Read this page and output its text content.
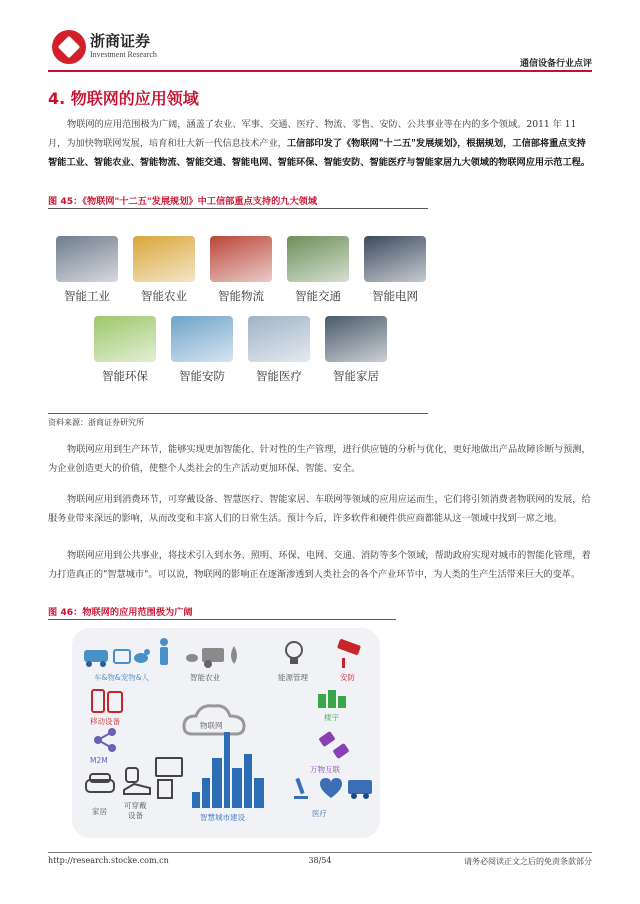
浙商证券
Investment Research
通信设备行业点评
4. 物联网的应用领域
物联网的应用范围极为广阔，涵盖了农业、军事、交通、医疗、物流、零售、安防、公共事业等在内的多个领域。2011 年 11 月，为加快物联网发展，培育和壮大新一代信息技术产业，工信部印发了《物联网"十二五"发展规划》，根据规划，工信部将重点支持智能工业、智能农业、智能物流、智能交通、智能电网、智能环保、智能安防、智能医疗与智能家居九大领域的物联网应用示范工程。
图 45：《物联网"十二五"发展规划》中工信部重点支持的九大领域
智能工业	智能农业	智能物流	智能交通	智能电网
智能环保	智能安防	智能医疗	智能家居
资料来源：浙商证券研究所
物联网应用到生产环节，能够实现更加智能化、针对性的生产管理，进行供应链的分析与优化，更好地做出产品故障诊断与预测，为企业创造更大的价值，使整个人类社会的生产活动更加环保、智能、安全。
物联网应用到消费环节，可穿戴设备、智慧医疗、智能家居、车联网等领域的应用应运而生，它们将引领消费者物联网的发展，给服务业带来深远的影响，从而改变和丰富人们的日常生活。预计今后，许多软件和硬件供应商都能从这一领域中找到一席之地。
物联网应用到公共事业，将技术引入到水务、照明、环保、电网、交通、消防等多个领域，帮助政府实现对城市的智能化管理，着力打造真正的"智慧城市"。可以说，物联网的影响正在逐渐渗透到人类社会的各个产业环节中，为人类的生产生活带来巨大的变革。
图 46：物联网的应用范围极为广阔
车&物&宠物&人	智能农业	能源管理	安防
移动设备	物联网
楼宇
M2M
万物互联
家居
可穿戴
设备	智慧城市建设	医疗
http://research.stocke.com.cn	38/54	请务必阅读正文之后的免责条款部分
